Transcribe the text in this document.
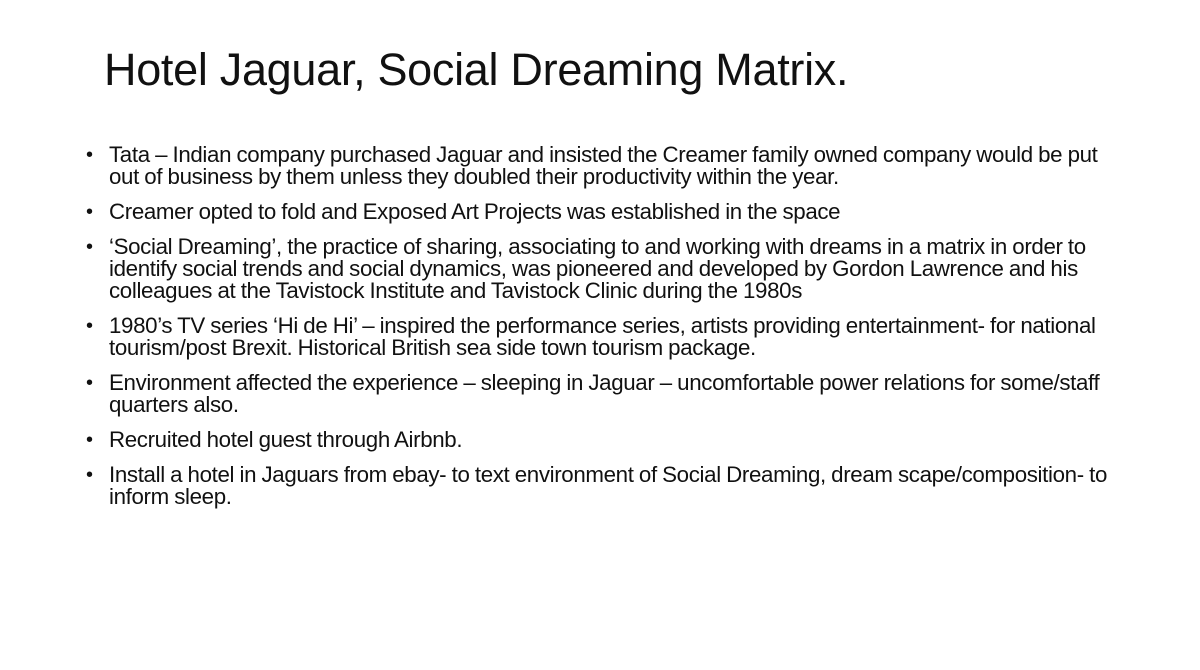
Hotel Jaguar, Social Dreaming Matrix.
• Tata – Indian company purchased Jaguar and insisted the Creamer family owned company would be put out of business by them unless they doubled their productivity within the year.
• Creamer opted to fold and Exposed Art Projects was established in the space
• ‘Social Dreaming’, the practice of sharing, associating to and working with dreams in a matrix in order to identify social trends and social dynamics, was pioneered and developed by Gordon Lawrence and his colleagues at the Tavistock Institute and Tavistock Clinic during the 1980s
• 1980’s TV series ‘Hi de Hi’ – inspired the performance series, artists providing entertainment- for national tourism/post Brexit. Historical British sea side town tourism package.
• Environment affected the experience – sleeping in Jaguar – uncomfortable power relations for some/staff quarters also.
• Recruited hotel guest through Airbnb.
• Install a hotel in Jaguars from ebay- to text environment of Social Dreaming, dream scape/composition- to inform sleep.
